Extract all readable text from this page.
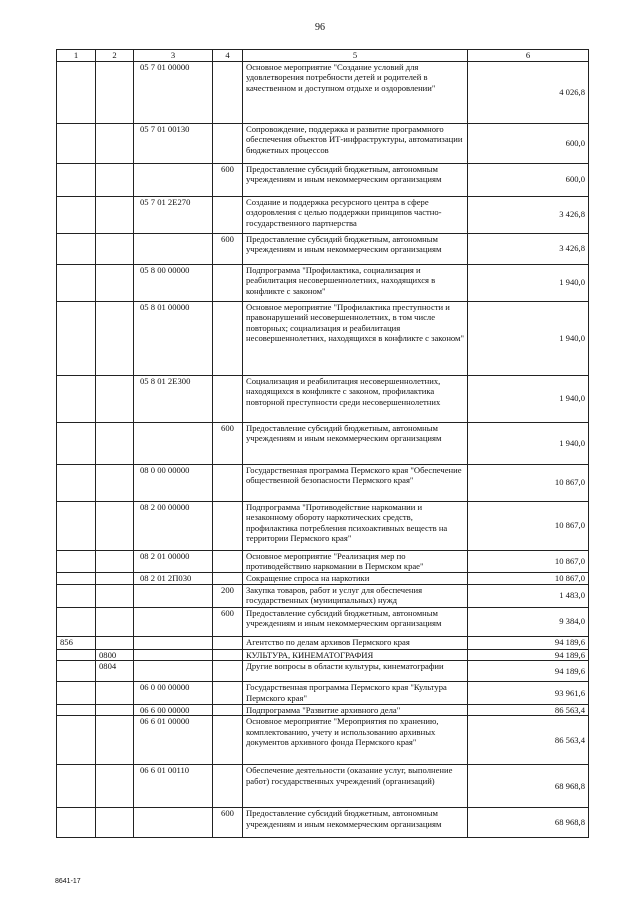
96
1	2	3	4	5	6
		05 7 01 00000		Основное мероприятие "Создание условий для удовлетворения потребности детей и родителей в качественном и доступном отдыхе и оздоровлении"	4 026,8
		05 7 01 00130		Сопровождение, поддержка и развитие программного обеспечения объектов ИТ-инфраструктуры, автоматизации бюджетных процессов	600,0
			600	Предоставление субсидий бюджетным, автономным учреждениям и иным некоммерческим организациям	600,0
		05 7 01 2Е270		Создание и поддержка ресурсного центра в сфере оздоровления с целью поддержки принципов частно-государственного партнерства	3 426,8
			600	Предоставление субсидий бюджетным, автономным учреждениям и иным некоммерческим организациям	3 426,8
		05 8 00 00000		Подпрограмма "Профилактика, социализация и реабилитация несовершеннолетних, находящихся в конфликте с законом"	1 940,0
		05 8 01 00000		Основное мероприятие "Профилактика преступности и правонарушений несовершеннолетних, в том числе повторных; социализация и реабилитация несовершеннолетних, находящихся в конфликте с законом"	1 940,0
		05 8 01 2Е300		Социализация и реабилитация несовершеннолетних, находящихся в конфликте с законом, профилактика повторной преступности среди несовершеннолетних	1 940,0
			600	Предоставление субсидий бюджетным, автономным учреждениям и иным некоммерческим организациям	1 940,0
		08 0 00 00000		Государственная программа Пермского края "Обеспечение общественной безопасности Пермского края"	10 867,0
		08 2 00 00000		Подпрограмма "Противодействие наркомании и незаконному обороту наркотических средств, профилактика потребления психоактивных веществ на территории Пермского края"	10 867,0
		08 2 01 00000		Основное мероприятие "Реализация мер по противодействию наркомании в Пермском крае"	10 867,0
		08 2 01 2П030		Сокращение спроса на наркотики	10 867,0
			200	Закупка товаров, работ и услуг для обеспечения государственных (муниципальных) нужд	1 483,0
			600	Предоставление субсидий бюджетным, автономным учреждениям и иным некоммерческим организациям	9 384,0
856				Агентство по делам архивов Пермского края	94 189,6
	0800			КУЛЬТУРА, КИНЕМАТОГРАФИЯ	94 189,6
	0804			Другие вопросы в области культуры, кинематографии	94 189,6
		06 0 00 00000		Государственная программа Пермского края "Культура Пермского края"	93 961,6
		06 6 00 00000		Подпрограмма "Развитие архивного дела"	86 563,4
		06 6 01 00000		Основное мероприятие "Мероприятия по хранению, комплектованию, учету и использованию архивных документов архивного фонда Пермского края"	86 563,4
		06 6 01 00110		Обеспечение деятельности (оказание услуг, выполнение работ) государственных учреждений (организаций)	68 968,8
			600	Предоставление субсидий бюджетным, автономным учреждениям и иным некоммерческим организациям	68 968,8
8641-17
